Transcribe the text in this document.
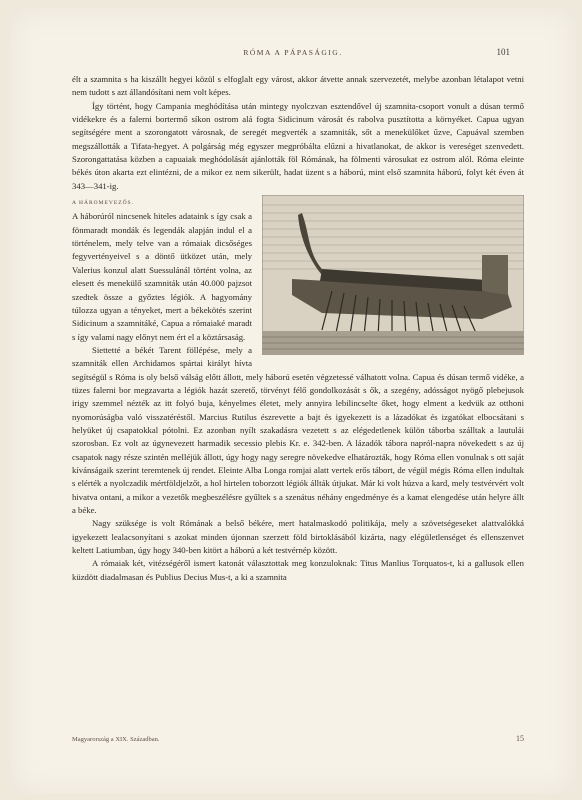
RÓMA A PÁPASÁGIG.	101

élt a szamnita s ha kiszállt hegyei közül s elfoglalt egy várost, akkor átvette annak szervezetét, melybe azonban létalapot vetni nem tudott s azt állandósítani nem volt képes.

Így történt, hogy Campania meghódítása után mintegy nyolczvan esztendővel új szamnita-csoport vonult a dúsan termő vidékekre és a falerni bortermő síkon ostrom alá fogta Sidicinum városát és rabolva pusztította a környéket. Capua ugyan segítségére ment a szorongatott városnak, de seregét megverték a szamniták, sőt a menekülőket űzve, Capuával szemben megszállották a Tifata-hegyet. A polgárság még egyszer megpróbálta elűzni a hivatlanokat, de akkor is vereséget szenvedett. Szorongattatása közben a capuaiak meghódolását ajánlották föl Rómának, ha fölmenti városukat ez ostrom alól. Róma eleinte békés úton akarta ezt elintézni, de a mikor ez nem sikerült, hadat üzent s a háború, mint első szamnita háború, folyt két éven át 343—341-ig.

A HÁROMEVEZŐS.
A háborúról nincsenek hiteles adataink s így csak a fönmaradt mondák és legendák alapján indul el a történelem, mely telve van a rómaiak dicsőséges fegyvertényeivel s a döntő ütközet után, mely Valerius konzul alatt Suessulánál történt volna, az elesett és menekülő szamniták után 40.000 pajzsot szedtek össze a győztes légiók. A hagyomány túlozza ugyan a tényeket, mert a békekötés szerint Sidicinum a szamnitáké, Capua a rómaiaké maradt s így valami nagy előnyt nem ért el a köztársaság.

Siettetté a békét Tarent föllépése, mely a szamniták ellen Archidamos spártai királyt hívta segítségül s Róma is oly belső válság előtt állott, mely háború esetén végzetessé válhatott volna. Capua és dúsan termő vidéke, a tüzes falerni bor megzavarta a légiók hazát szerető, törvényt félő gondolkozását s ők, a szegény, adósságot nyögő plebejusok irigy szemmel nézték az itt folyó buja, kényelmes életet, mely annyira lebilincselte őket, hogy elment a kedvük az otthoni nyomorúságba való visszatéréstől. Marcius Rutilus észrevette a bajt és igyekezett is a lázadókat és izgatókat elbocsátani s helyüket új csapatokkal pótolni. Ez azonban nyílt szakadásra vezetett s az elégedetlenek külön táborba szálltak a lautulái szorosban. Ez volt az úgynevezett harmadik secessio plebis Kr. e. 342-ben. A lázadók tábora napról-napra növekedett s az új csapatok nagy része szintén melléjük állott, úgy hogy nagy seregre növekedve elhatározták, hogy Róma ellen vonulnak s ott saját kívánságaik szerint teremtenek új rendet. Eleinte Alba Longa romjai alatt vertek erős tábort, de végül mégis Róma ellen indultak s elérték a nyolczadik mértföldjelzőt, a hol hirtelen toborzott légiók állták útjukat. Már ki volt húzva a kard, mely testvérvért volt hivatva ontani, a mikor a vezetők megbeszélésre gyűltek s a szenátus néhány engedménye és a kamat elengedése után helyre állt a béke.

Nagy szüksége is volt Rómának a belső békére, mert hatalmaskodó politikája, mely a szövetségeseket alattvalókká igyekezett lealacsonyítani s azokat minden újonnan szerzett föld birtoklásából kizárta, nagy elégületlenséget és ellenszenvet keltett Latiumban, úgy hogy 340-ben kitört a háború a két testvérnép között.

A rómaiak két, vitézségéről ismert katonát választottak meg konzuloknak: Titus Manlius Torquatos-t, ki a gallusok ellen küzdött diadalmasan és Publius Decius Mus-t, a ki a szamnita

Magyarország a XIX. Században.	15
